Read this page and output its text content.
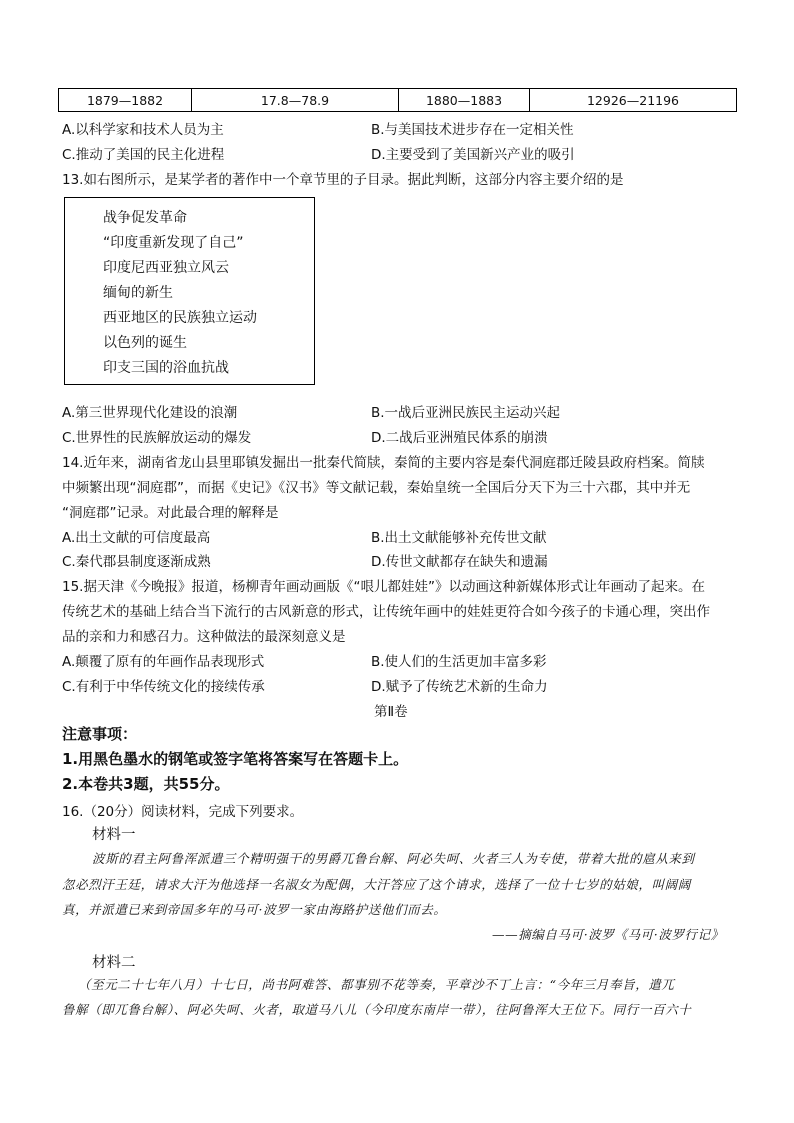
1879—1882	17.8—78.9	1880—1883	12926—21196
A.以科学家和技术人员为主	B.与美国技术进步存在一定相关性
C.推动了美国的民主化进程	D.主要受到了美国新兴产业的吸引
13.如右图所示，是某学者的著作中一个章节里的子目录。据此判断，这部分内容主要介绍的是
战争促发革命
“印度重新发现了自己”
印度尼西亚独立风云
缅甸的新生
西亚地区的民族独立运动
以色列的诞生
印支三国的浴血抗战
A.第三世界现代化建设的浪潮	B.一战后亚洲民族民主运动兴起
C.世界性的民族解放运动的爆发	D.二战后亚洲殖民体系的崩溃
14.近年来，湖南省龙山县里耶镇发掘出一批秦代简牍，秦简的主要内容是秦代洞庭郡迁陵县政府档案。简牍
中频繁出现“洞庭郡”，而据《史记》《汉书》等文献记载，秦始皇统一全国后分天下为三十六郡，其中并无
“洞庭郡”记录。对此最合理的解释是
A.出土文献的可信度最高	B.出土文献能够补充传世文献
C.秦代郡县制度逐渐成熟	D.传世文献都存在缺失和遗漏
15.据天津《今晚报》报道，杨柳青年画动画版《“哏儿都娃娃”》以动画这种新媒体形式让年画动了起来。在
传统艺术的基础上结合当下流行的古风新意的形式，让传统年画中的娃娃更符合如今孩子的卡通心理，突出作
品的亲和力和感召力。这种做法的最深刻意义是
A.颠覆了原有的年画作品表现形式	B.使人们的生活更加丰富多彩
C.有利于中华传统文化的接续传承	D.赋予了传统艺术新的生命力
第Ⅱ卷
注意事项：
1.用黑色墨水的钢笔或签字笔将答案写在答题卡上。
2.本卷共3题，共55分。
16.（20分）阅读材料，完成下列要求。
材料一
波斯的君主阿鲁浑派遣三个精明强干的男爵兀鲁台解、阿必失呵、火者三人为专使，带着大批的扈从来到
忽必烈汗王廷，请求大汗为他选择一名淑女为配偶，大汗答应了这个请求，选择了一位十七岁的姑娘，叫阔阔
真，并派遣已来到帝国多年的马可·波罗一家由海路护送他们而去。
——摘编自马可·波罗《马可·波罗行记》
材料二
（至元二十七年八月）十七日，尚书阿难答、都事别不花等奏，平章沙不丁上言：“今年三月奉旨，遣兀
鲁解（即兀鲁台解）、阿必失呵、火者，取道马八儿（今印度东南岸一带），往阿鲁浑大王位下。同行一百六十
